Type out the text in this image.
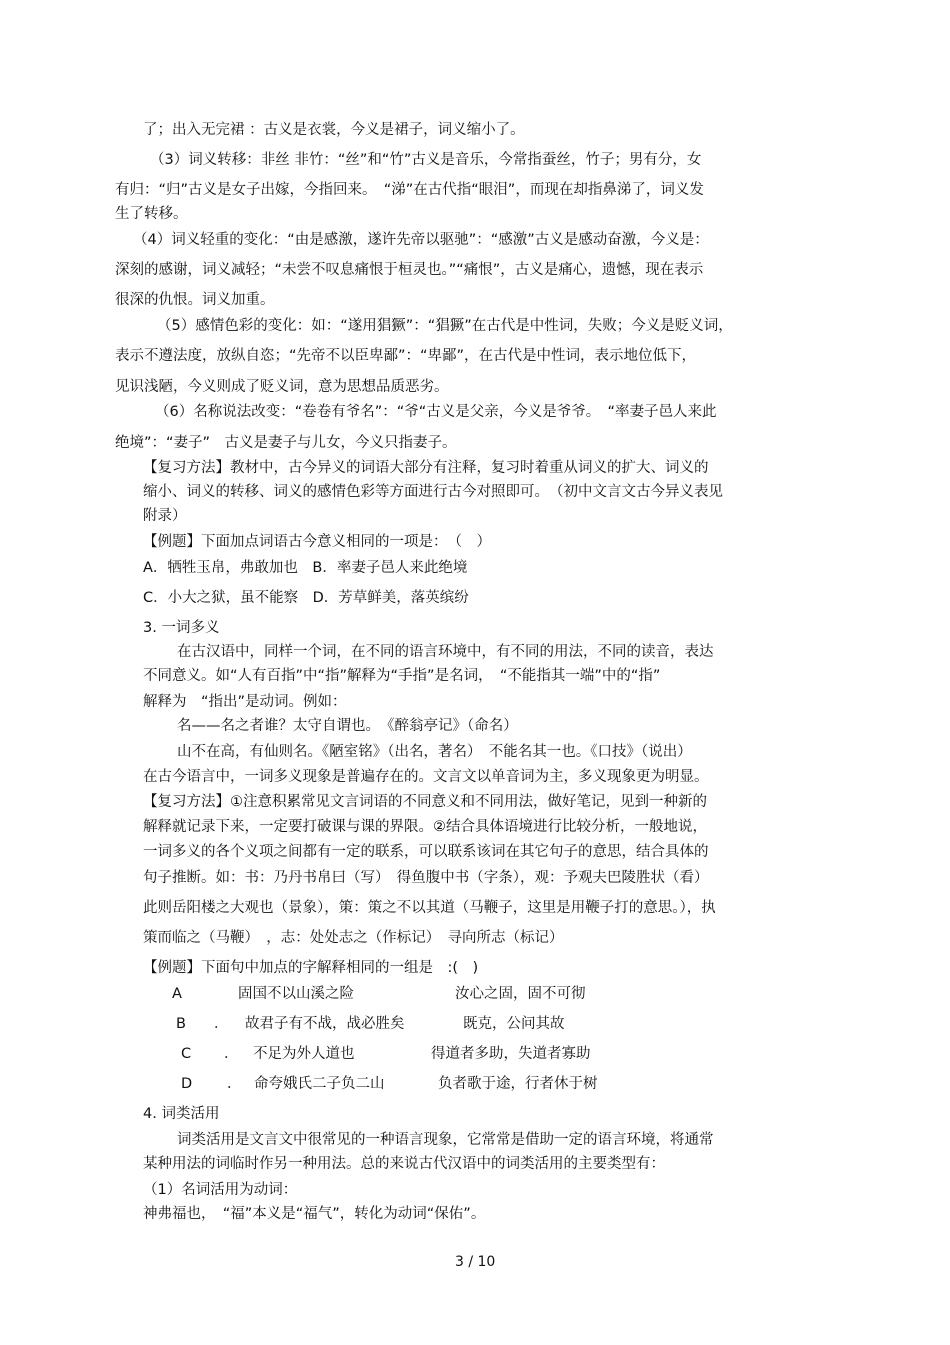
了；出入无完裙 ：古义是衣裳，今义是裙子，词义缩小了。
（3）词义转移：非丝 非竹：“丝”和“竹”古义是音乐，今常指蚕丝，竹子；男有分，女
有归：“归”古义是女子出嫁，今指回来。　“涕”在古代指“眼泪”，而现在却指鼻涕了，词义发
生了转移。
（4）词义轻重的变化：“由是感激，遂许先帝以驱驰”：“感激”古义是感动奋激，今义是：
深刻的感谢，词义减轻；“未尝不叹息痛恨于桓灵也。”“痛恨”，古义是痛心，遗憾，现在表示
很深的仇恨。词义加重。
（5）感情色彩的变化：如：“遂用猖獗”：“猖獗”在古代是中性词，失败；今义是贬义词，
表示不遵法度，放纵自恣；“先帝不以臣卑鄙”：“卑鄙”，在古代是中性词，表示地位低下，
见识浅陋，今义则成了贬义词，意为思想品质恶劣。
（6）名称说法改变：“卷卷有爷名”：“爷“古义是父亲，今义是爷爷。　“率妻子邑人来此
绝境”：“妻子”　古义是妻子与儿女，今义只指妻子。
【复习方法】教材中，古今异义的词语大部分有注释，复习时着重从词义的扩大、词义的
缩小、词义的转移、词义的感情色彩等方面进行古今对照即可。　（初中文言文古今异义表见
附录）
【例题】下面加点词语古今意义相同的一项是：　（　）
A．牺牲玉帛，弗敢加也　B．率妻子邑人来此绝境
C．小大之狱，虽不能察　D．芳草鲜美，落英缤纷
3. 一词多义
在古汉语中，同样一个词，在不同的语言环境中，有不同的用法，不同的读音，表达
不同意义。如“人有百指”中“指”解释为“手指”是名词，　“不能指其一端”中的“指”
解释为　“指出”是动词。例如：
名——名之者谁？太守自谓也。　《醉翁亭记》（命名）
山不在高，有仙则名。《陋室铭》（出名，著名）　不能名其一也。《口技》（说出）
在古今语言中，一词多义现象是普遍存在的。文言文以单音词为主，多义现象更为明显。
【复习方法】①注意积累常见文言词语的不同意义和不同用法，做好笔记，见到一种新的
解释就记录下来，一定要打破课与课的界限。②结合具体语境进行比较分析，一般地说，
一词多义的各个义项之间都有一定的联系，可以联系该词在其它句子的意思，结合具体的
句子推断。如：书：乃丹书帛曰（写）　得鱼腹中书（字条），观：予观夫巴陵胜状（看）
此则岳阳楼之大观也（景象），策：策之不以其道（马鞭子，这里是用鞭子打的意思。），执
策而临之（马鞭）　，志：处处志之（作标记）　寻向所志（标记）
【例题】下面句中加点的字解释相同的一组是　:(　)
A	固国不以山溪之险	汝心之固，固不可彻
B ． 故君子有不战，战必胜矣	既克，公问其故
C ． 不足为外人道也	得道者多助，失道者寡助
D ． 命夸娥氏二子负二山	负者歌于途，行者休于树
4. 词类活用
词类活用是文言文中很常见的一种语言现象，它常常是借助一定的语言环境，将通常
某种用法的词临时作另一种用法。总的来说古代汉语中的词类活用的主要类型有：
（1）名词活用为动词：
神弗福也，　“福”本义是“福气”，转化为动词“保佑”。
3 / 10
